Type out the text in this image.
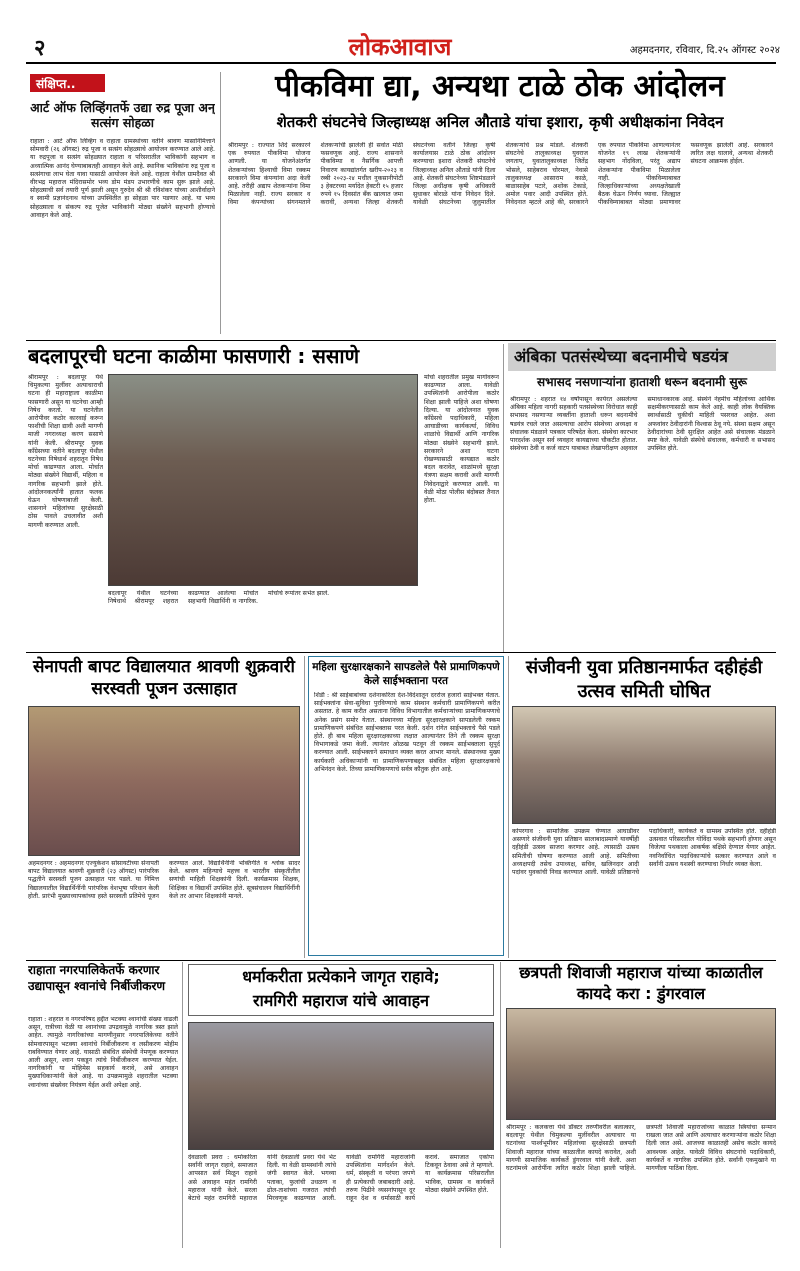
२	लोकआवाज	अहमदनगर, रविवार, दि.२५ ऑगस्ट २०२४
संक्षिप्त..
आर्ट ऑफ लिव्हिंगतर्फे उद्या रुद्र पूजा अन् सत्संग सोहळा
राहाता : आर्ट ऑफ लिव्हिंग व राहाता ग्रामस्थांच्या वतीने श्रावण मासानिमित्ताने सोमवारी (२६ ऑगस्ट) रुद्र पूजा व सत्संग सोहळ्याचे आयोजन करण्यात आले आहे. या रुद्रपूजा व सत्संग सोहळ्यात राहाता व परिसरातील भाविकांनी सहभाग व अध्यात्मिक आनंद घेण्याबाबतही आवाहन केले आहे. स्थानिक भाविकांना रुद्र पूजा व सत्संगाचा लाभ घेता यावा यासाठी आयोजन केले आहे. राहाता येथील ग्रामदैवत श्री वीरभद्र महाराज मंदिरासमोर भव्य डोम मंडप उभारणीचे काम सुरू झाले आहे. सोहळ्याची सर्व तयारी पूर्ण झाली असून गुरुदेव श्री श्री रविशंकर यांच्या आशीर्वादाने व स्वामी प्रज्ञानंदनाथ यांच्या उपस्थितीत हा सोहळा पार पडणार आहे. या भव्य सोहळ्याला व संकल्प रुद्र पूजेत भाविकांनी मोठ्या संख्येने सहभागी होण्याचे आवाहन केले आहे.
पीकविमा द्या, अन्यथा टाळे ठोक आंदोलन
शेतकरी संघटनेचे जिल्हाध्यक्ष अनिल औताडे यांचा इशारा, कृषी अधीक्षकांना निवेदन
श्रीरामपुर : राज्यात शिंदे सरकारने एक रुपयात पीकविमा योजना आणली. या योजनेअंतर्गत शेतकऱ्यांच्या हिश्याची विमा रक्कम सरकारने विमा कंपन्यांना अदा केली आहे. तरीही अद्याप शेतकऱ्यांना विमा मिळालेला नाही. राज्य सरकार व विमा कंपन्यांच्या संगनमताने शेतकऱ्यांची झालेली ही सर्वात मोठी फसवणूक आहे. राज्य शासनाने पीकविम्या व नैसर्गिक आपत्ती निवारण कायद्यांतर्गत खरीप-२०२३ व रब्बी २०२३-२४ मधील नुकसानीपोटी ३ हेक्टरच्या मर्यादेत हेक्टरी १५ हजार रुपये १५ दिवसांत बँक खात्यात जमा करावी, अन्यथा जिल्हा शेतकरी संघटनेच्या वतीने जिल्हा कृषी कार्यालयास टाळे ठोक आंदोलन करण्याचा इशारा शेतकरी संघटनेचे जिल्हाध्यक्ष अनिल औताडे यांनी दिला आहे. शेतकरी संघटनेच्या शिष्टमंडळाने जिल्हा अधीक्षक कृषी अधिकारी सुधाकर बोराळे यांना निवेदन दिले. यावेळी संघटनेच्या जुलुमातील शेतकऱ्यांचे प्रश्न मांडले. शेतकरी संघटनेचे तालुकाध्यक्ष युवराज जगताप, युवातालुकाध्यक्ष जितेंद्र भोसले, साहेबराव चोरमल, नेवासे तालुकाध्यक्ष आसाराम काळे, बाळासाहेब पटारे, अशोक टेकाडे, अमोल पवार आदी उपस्थित होते. निवेदनात म्हटले आहे की, सरकारने एक रुपयात पीकविमा आणल्यानंतर योजनेत १९ लाख शेतकऱ्यांनी सहभाग नोंदविला, परंतु अद्याप शेतकऱ्यांना पीकविमा मिळालेला नाही. पीकविम्याबाबत जिल्हाधिकाऱ्यांच्या अध्यक्षतेखाली बैठक घेऊन निर्णय घ्यावा. जिल्ह्यात पीकविम्याबाबत मोठ्या प्रमाणावर फसवणूक झालेली आहे. सरकारने त्वरित लक्ष घालावे, अन्यथा शेतकरी संघटना आक्रमक होईल.
बदलापूरची घटना काळीमा फासणारी : ससाणे
श्रीरामपूर : बदलापूर येथे चिमुकल्या मुलींवर अत्याचाराची घटना ही महाराष्ट्राला काळीमा फासणारी असून या घटनेचा आम्ही निषेध करतो. या घटनेतील आरोपीवर कठोर कारवाई करून फाशीची शिक्षा द्यावी अशी मागणी माजी नगराध्यक्ष करण ससाणे यांनी केली. श्रीरामपूर युवक काँग्रेसच्या वतीने बदलापूर येथील घटनेच्या निषेधार्थ शहरातून निषेध मोर्चा काढण्यात आला. मोर्चात मोठ्या संख्येने विद्यार्थी, महिला व नागरिक सहभागी झाले होते. आंदोलनकर्त्यांनी हातात फलक घेऊन घोषणाबाजी केली. शासनाने महिलांच्या सुरक्षेसाठी ठोस पावले उचलावीत अशी मागणी करण्यात आली.
बदलापूर येथील घटनेच्या निषेधार्थ श्रीरामपूर शहरात काढण्यात आलेल्या मोर्चात सहभागी विद्यार्थिनी व नागरिक. मोर्चाचे रूपांतर सभेत झाले.
मोर्चा शहरातील प्रमुख मार्गावरून काढण्यात आला. यावेळी उपस्थितांनी आरोपीला कठोर शिक्षा झाली पाहिजे अशा घोषणा दिल्या. या आंदोलनात युवक काँग्रेसचे पदाधिकारी, महिला आघाडीच्या कार्यकर्त्या, विविध शाळांचे विद्यार्थी आणि नागरिक मोठ्या संख्येने सहभागी झाले. सरकारने अशा घटना रोखण्यासाठी कायद्यात कठोर बदल करावेत, शाळांमध्ये सुरक्षा यंत्रणा सक्षम करावी अशी मागणी निवेदनाद्वारे करण्यात आली. या वेळी मोठा पोलीस बंदोबस्त तैनात होता.
अंबिका पतसंस्थेच्या बदनामीचे षडयंत्र
सभासद नसणाऱ्यांना हाताशी धरून बदनामी सुरू
श्रीरामपूर : शहरात १४ वर्षांपासून कार्यरत असलेल्या अंबिका महिला नागरी सहकारी पतसंस्थेच्या विरोधात काही सभासद नसणाऱ्या व्यक्तींना हाताशी धरून बदनामीचे षडयंत्र रचले जात असल्याचा आरोप संस्थेच्या अध्यक्षा व संचालक मंडळाने पत्रकार परिषदेत केला. संस्थेचा कारभार पारदर्शक असून सर्व व्यवहार कायद्याच्या चौकटीत होतात. संस्थेच्या ठेवी व कर्ज वाटप याबाबत लेखापरीक्षण अहवाल समाधानकारक आहे. संस्थेने नेहमीच महिलांच्या आर्थिक सक्षमीकरणासाठी काम केले आहे. काही लोक वैयक्तिक स्वार्थासाठी चुकीची माहिती पसरवत आहेत. अशा अफवांवर ठेवीदारांनी विश्वास ठेवू नये. संस्था सक्षम असून ठेवीदारांच्या ठेवी सुरक्षित आहेत असे संचालक मंडळाने स्पष्ट केले. यावेळी संस्थेचे संचालक, कर्मचारी व सभासद उपस्थित होते.
सेनापती बापट विद्यालयात श्रावणी शुक्रवारी सरस्वती पूजन उत्साहात
अहमदनगर : अहमदनगर एज्युकेशन सोसायटीच्या सेनापती बापट विद्यालयात श्रावणी शुक्रवारी (२३ ऑगस्ट) पारंपरिक पद्धतीने सरस्वती पूजन उत्साहात पार पडले. या निमित्त विद्यालयातील विद्यार्थिनींनी पारंपरिक वेशभूषा परिधान केली होती. प्रारंभी मुख्याध्यापकांच्या हस्ते सरस्वती प्रतिमेचे पूजन करण्यात आले. विद्यार्थिनींनी भक्तिगीते व श्लोक सादर केले. श्रावण महिन्याचे महत्त्व व भारतीय संस्कृतीतील सणांची माहिती शिक्षकांनी दिली. कार्यक्रमास शिक्षक, शिक्षिका व विद्यार्थी उपस्थित होते. सूत्रसंचालन विद्यार्थिनींनी केले तर आभार शिक्षकांनी मानले.
महिला सुरक्षारक्षकाने सापडलेले पैसे प्रामाणिकपणे केले साईभक्ताना परत
शिर्डी : श्री साईबाबांच्या दर्शनाकरिता देश-विदेशातून दररोज हजारो साईभक्त येतात. साईभक्तांना सेवा-सुविधा पुरविण्याचे काम संस्थान कर्मचारी प्रामाणिकपणे करीत असतात. हे काम करीत असताना विविध विभागातील कर्मचाऱ्यांच्या प्रामाणिकपणाचे अनेक प्रसंग समोर येतात. संस्थानच्या महिला सुरक्षारक्षकाने सापडलेली रक्कम प्रामाणिकपणे संबंधित साईभक्तास परत केली. दर्शन रांगेत साईभक्ताचे पैसे पडले होते. ही बाब महिला सुरक्षारक्षकाच्या लक्षात आल्यानंतर तिने ती रक्कम सुरक्षा विभागाकडे जमा केली. त्यानंतर ओळख पटवून ती रक्कम साईभक्ताला सुपूर्द करण्यात आली. साईभक्ताने समाधान व्यक्त करत आभार मानले. संस्थानच्या मुख्य कार्यकारी अधिकाऱ्यांनी या प्रामाणिकपणाबद्दल संबंधित महिला सुरक्षारक्षकाचे अभिनंदन केले. तिच्या प्रामाणिकपणाचे सर्वत्र कौतुक होत आहे.
संजीवनी युवा प्रतिष्ठानमार्फत दहीहंडी उत्सव समिती घोषित
कोपरगाव : सामाजिक उपक्रम घेण्यात आघाडीवर असणारे संजीवनी युवा प्रतिष्ठान सालाबादप्रमाणे यावर्षीही दहीहंडी उत्सव साजरा करणार आहे. त्यासाठी उत्सव समितीची घोषणा करण्यात आली आहे. समितीच्या अध्यक्षपदी तसेच उपाध्यक्ष, सचिव, खजिनदार आदी पदांवर युवकांची निवड करण्यात आली. यावेळी प्रतिष्ठानचे पदाधिकारी, कार्यकर्ते व ग्रामस्थ उपस्थित होते. दहीहंडी उत्सवात परिसरातील गोविंदा पथके सहभागी होणार असून विजेत्या पथकाला आकर्षक बक्षिसे देण्यात येणार आहेत. नवनिर्वाचित पदाधिकाऱ्यांचे सत्कार करण्यात आले व सर्वांनी उत्सव यशस्वी करण्याचा निर्धार व्यक्त केला.
राहाता नगरपालिकेतर्फे करणार उद्यापासून श्वानांचे निर्बीजीकरण
राहाता : शहरात व नगरपरिषद हद्दीत भटक्या श्वानांची संख्या वाढली असून, रात्रीच्या वेळी या श्वानांच्या उपद्रवामुळे नागरिक त्रस्त झाले आहेत. त्यामुळे नागरिकांच्या मागणीनुसार नगरपालिकेच्या वतीने सोमवारपासून भटक्या श्वानांचे निर्बीजीकरण व लसीकरण मोहीम राबविण्यात येणार आहे. यासाठी संबंधित संस्थेची नेमणूक करण्यात आली असून, श्वान पकडून त्यांचे निर्बीजीकरण करण्यात येईल. नागरिकांनी या मोहिमेस सहकार्य करावे, असे आवाहन मुख्याधिकाऱ्यांनी केले आहे. या उपक्रमामुळे शहरातील भटक्या श्वानांच्या संख्येवर नियंत्रण येईल अशी अपेक्षा आहे.
धर्माकरीता प्रत्येकाने जागृत राहावे;
रामगिरी महाराज यांचे आवाहन
देवळाली प्रवरा : धर्माकरिता सर्वांनी जागृत राहावे, समाजात आपसात सर्व मिळून राहावे असे आवाहन महंत रामगिरी महाराज यांनी केले. सरला बेटाचे महंत रामगिरी महाराज यांनी देवळाली प्रवरा येथे भेट दिली. या वेळी ग्रामस्थांनी त्यांचे जंगी स्वागत केले. भगव्या पताका, फुलांची उधळण व ढोल-ताशांच्या गजरात त्यांची मिरवणूक काढण्यात आली. यावेळी रामगिरी महाराजांनी उपस्थितांना मार्गदर्शन केले. धर्म, संस्कृती व परंपरा जपणे ही प्रत्येकाची जबाबदारी आहे. तरुण पिढीने व्यसनांपासून दूर राहून देश व धर्मासाठी कार्य करावे. समाजात एकोपा टिकवून ठेवावा असे ते म्हणाले. या कार्यक्रमास परिसरातील भाविक, ग्रामस्थ व कार्यकर्ते मोठ्या संख्येने उपस्थित होते.
छत्रपती शिवाजी महाराज यांच्या काळातील कायदे करा : डुंगरवाल
श्रीरामपूर : कलकत्ता येथे डॉक्टर तरुणीवरील बलात्कार, बदलापूर येथील चिमुकल्या मुलींवरील अत्याचार या घटनांच्या पार्श्वभूमीवर महिलांच्या सुरक्षेसाठी छत्रपती शिवाजी महाराज यांच्या काळातील कायदे करावेत, अशी मागणी सामाजिक कार्यकर्ते डुंगरवाल यांनी केली. अशा घटनांमध्ये आरोपींना त्वरित कठोर शिक्षा झाली पाहिजे. छत्रपती शिवाजी महाराजांच्या काळात स्त्रियांचा सन्मान राखला जात असे आणि अत्याचार करणाऱ्यांना कठोर शिक्षा दिली जात असे. आजच्या काळातही असेच कठोर कायदे आवश्यक आहेत. यावेळी विविध संघटनांचे पदाधिकारी, कार्यकर्ते व नागरिक उपस्थित होते. सर्वांनी एकमुखाने या मागणीला पाठिंबा दिला.
